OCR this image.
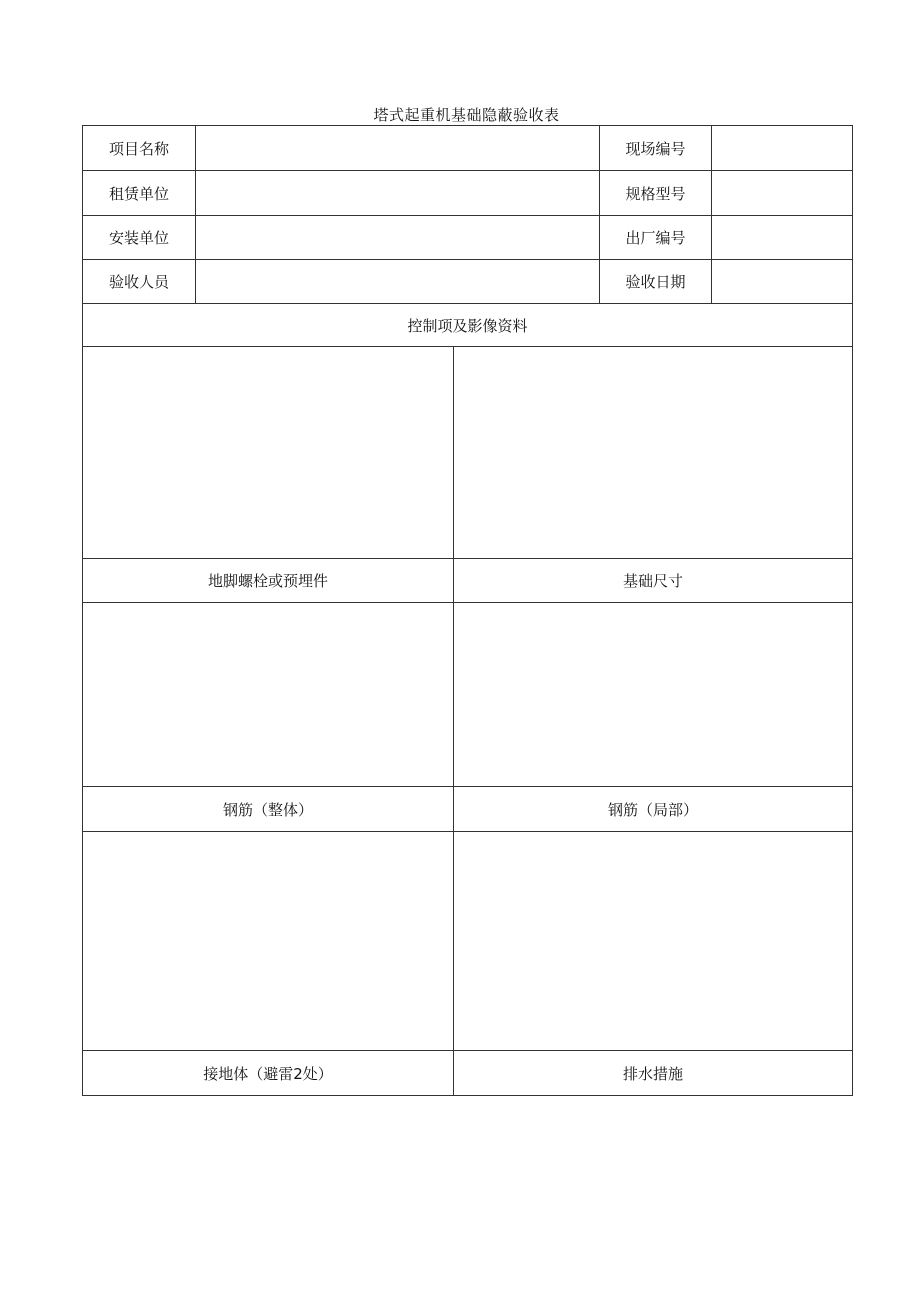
塔式起重机基础隐蔽验收表
项目名称			现场编号	
租赁单位			规格型号	
安装单位			出厂编号	
验收人员			验收日期	
控制项及影像资料				

地脚螺栓或预埋件		基础尺寸		

钢筋（整体）		钢筋（局部）		

接地体（避雷2处）		排水措施		
